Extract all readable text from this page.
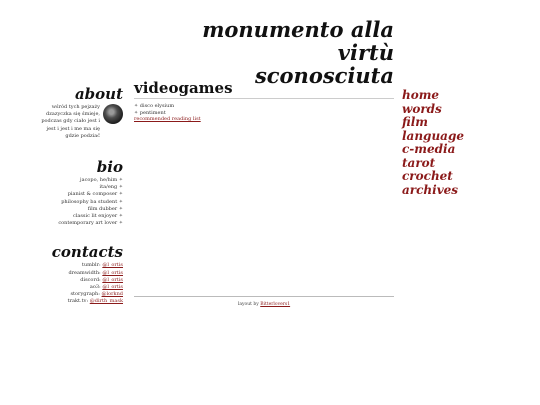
monumento alla virtù
sconosciuta
about
wśród tych pejzaży
dzazyczka się śmieje,
podczas gdy ciało jest i
jest i jest i me ma się
gdzie podziać
bio
jacopo, he/him ✦
ita/eng ✦
pianist & composer ✦
philosophy ba student ✦
film dubber ✦
classic lit enjoyer ✦
contemporary art lover ✦
contacts
tumblr: @l_ortis
dreamwidth: @l_ortis
discord: @l_ortis
ao3: @l_ortis
storygraph: @lorknd
trakt.tv: @dirth_mask
videogames
✦ disco elysium
✦ pentiment
recommended reading list
home
words
film
language
c-media
tarot
crochet
archives
layout by Bitterlovers1
